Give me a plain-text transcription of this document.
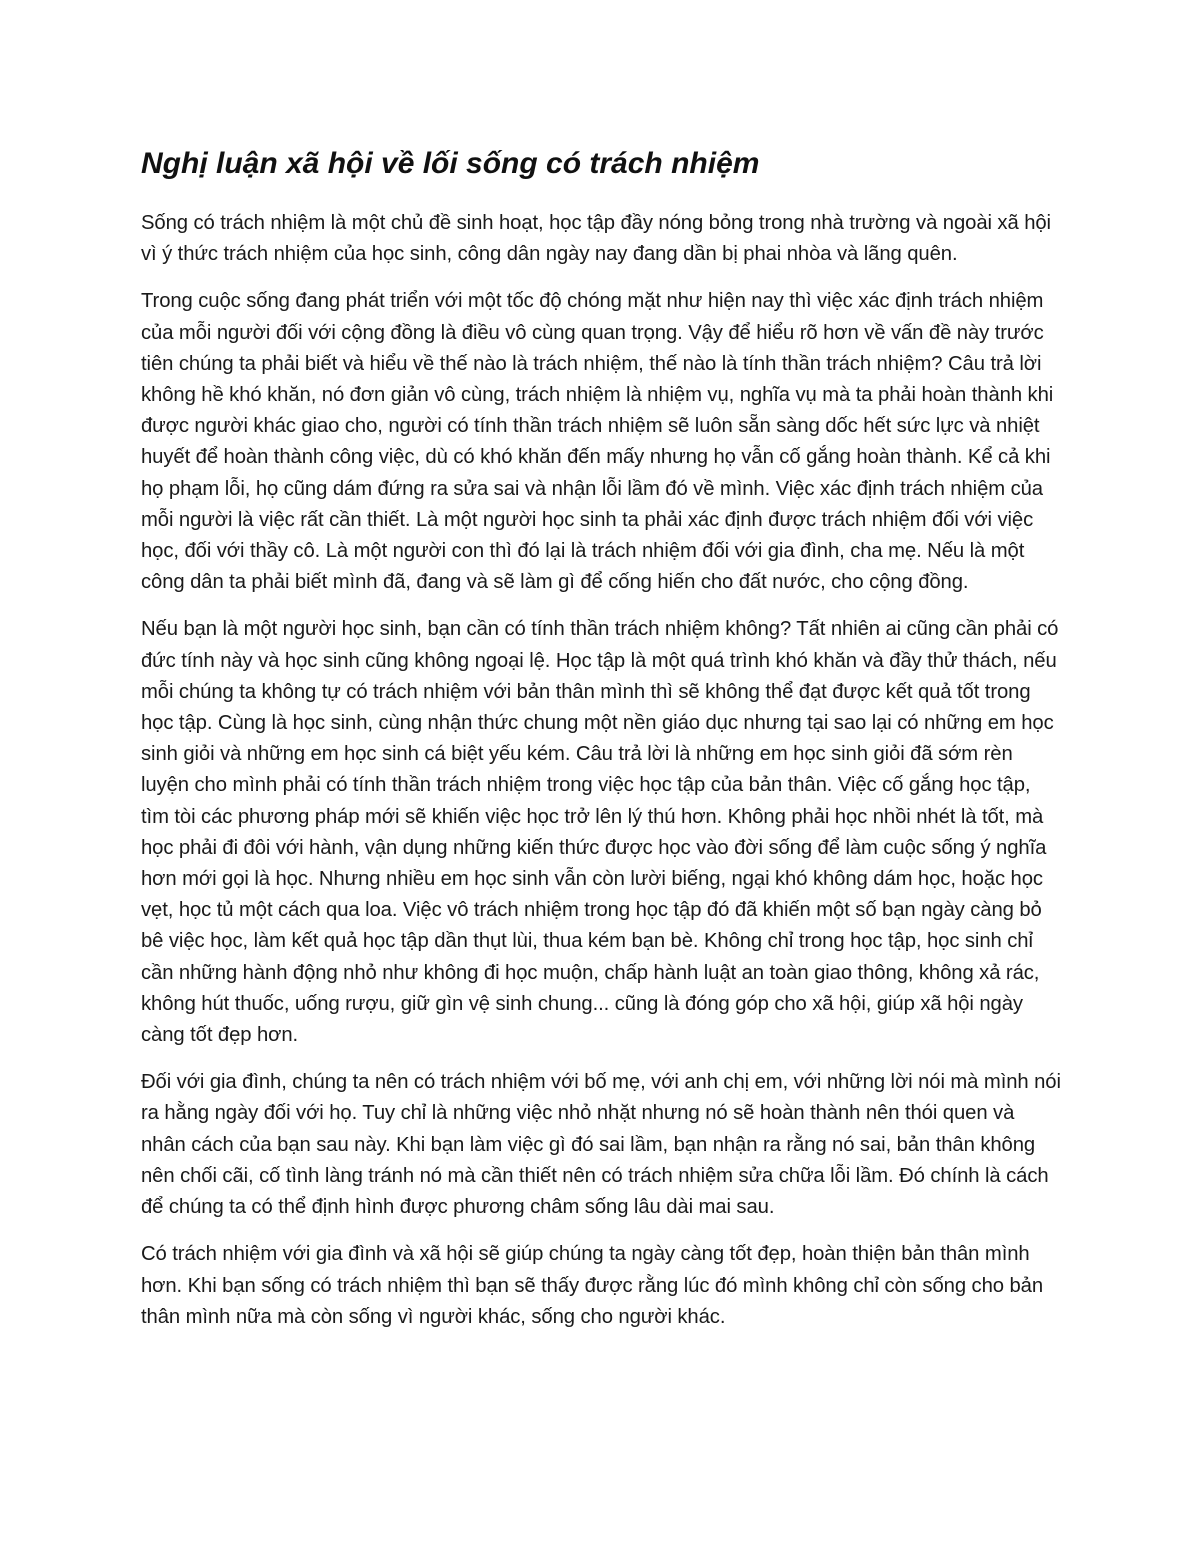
Nghị luận xã hội về lối sống có trách nhiệm

Sống có trách nhiệm là một chủ đề sinh hoạt, học tập đầy nóng bỏng trong nhà trường và ngoài xã hội vì ý thức trách nhiệm của học sinh, công dân ngày nay đang dần bị phai nhòa và lãng quên.

Trong cuộc sống đang phát triển với một tốc độ chóng mặt như hiện nay thì việc xác định trách nhiệm của mỗi người đối với cộng đồng là điều vô cùng quan trọng. Vậy để hiểu rõ hơn về vấn đề này trước tiên chúng ta phải biết và hiểu về thế nào là trách nhiệm, thế nào là tính thần trách nhiệm? Câu trả lời không hề khó khăn, nó đơn giản vô cùng, trách nhiệm là nhiệm vụ, nghĩa vụ mà ta phải hoàn thành khi được người khác giao cho, người có tính thần trách nhiệm sẽ luôn sẵn sàng dốc hết sức lực và nhiệt huyết để hoàn thành công việc, dù có khó khăn đến mấy nhưng họ vẫn cố gắng hoàn thành. Kể cả khi họ phạm lỗi, họ cũng dám đứng ra sửa sai và nhận lỗi lầm đó về mình. Việc xác định trách nhiệm của mỗi người là việc rất cần thiết. Là một người học sinh ta phải xác định được trách nhiệm đối với việc học, đối với thầy cô. Là một người con thì đó lại là trách nhiệm đối với gia đình, cha mẹ. Nếu là một công dân ta phải biết mình đã, đang và sẽ làm gì để cống hiến cho đất nước, cho cộng đồng.

Nếu bạn là một người học sinh, bạn cần có tính thần trách nhiệm không? Tất nhiên ai cũng cần phải có đức tính này và học sinh cũng không ngoại lệ. Học tập là một quá trình khó khăn và đầy thử thách, nếu mỗi chúng ta không tự có trách nhiệm với bản thân mình thì sẽ không thể đạt được kết quả tốt trong học tập. Cùng là học sinh, cùng nhận thức chung một nền giáo dục nhưng tại sao lại có những em học sinh giỏi và những em học sinh cá biệt yếu kém. Câu trả lời là những em học sinh giỏi đã sớm rèn luyện cho mình phải có tính thần trách nhiệm trong việc học tập của bản thân. Việc cố gắng học tập, tìm tòi các phương pháp mới sẽ khiến việc học trở lên lý thú hơn. Không phải học nhồi nhét là tốt, mà học phải đi đôi với hành, vận dụng những kiến thức được học vào đời sống để làm cuộc sống ý nghĩa hơn mới gọi là học. Nhưng nhiều em học sinh vẫn còn lười biếng, ngại khó không dám học, hoặc học vẹt, học tủ một cách qua loa. Việc vô trách nhiệm trong học tập đó đã khiến một số bạn ngày càng bỏ bê việc học, làm kết quả học tập dần thụt lùi, thua kém bạn bè. Không chỉ trong học tập, học sinh chỉ cần những hành động nhỏ như không đi học muộn, chấp hành luật an toàn giao thông, không xả rác, không hút thuốc, uống rượu, giữ gìn vệ sinh chung... cũng là đóng góp cho xã hội, giúp xã hội ngày càng tốt đẹp hơn.

Đối với gia đình, chúng ta nên có trách nhiệm với bố mẹ, với anh chị em, với những lời nói mà mình nói ra hằng ngày đối với họ. Tuy chỉ là những việc nhỏ nhặt nhưng nó sẽ hoàn thành nên thói quen và nhân cách của bạn sau này. Khi bạn làm việc gì đó sai lầm, bạn nhận ra rằng nó sai, bản thân không nên chối cãi, cố tình làng tránh nó mà cần thiết nên có trách nhiệm sửa chữa lỗi lầm. Đó chính là cách để chúng ta có thể định hình được phương châm sống lâu dài mai sau.

Có trách nhiệm với gia đình và xã hội sẽ giúp chúng ta ngày càng tốt đẹp, hoàn thiện bản thân mình hơn. Khi bạn sống có trách nhiệm thì bạn sẽ thấy được rằng lúc đó mình không chỉ còn sống cho bản thân mình nữa mà còn sống vì người khác, sống cho người khác.
